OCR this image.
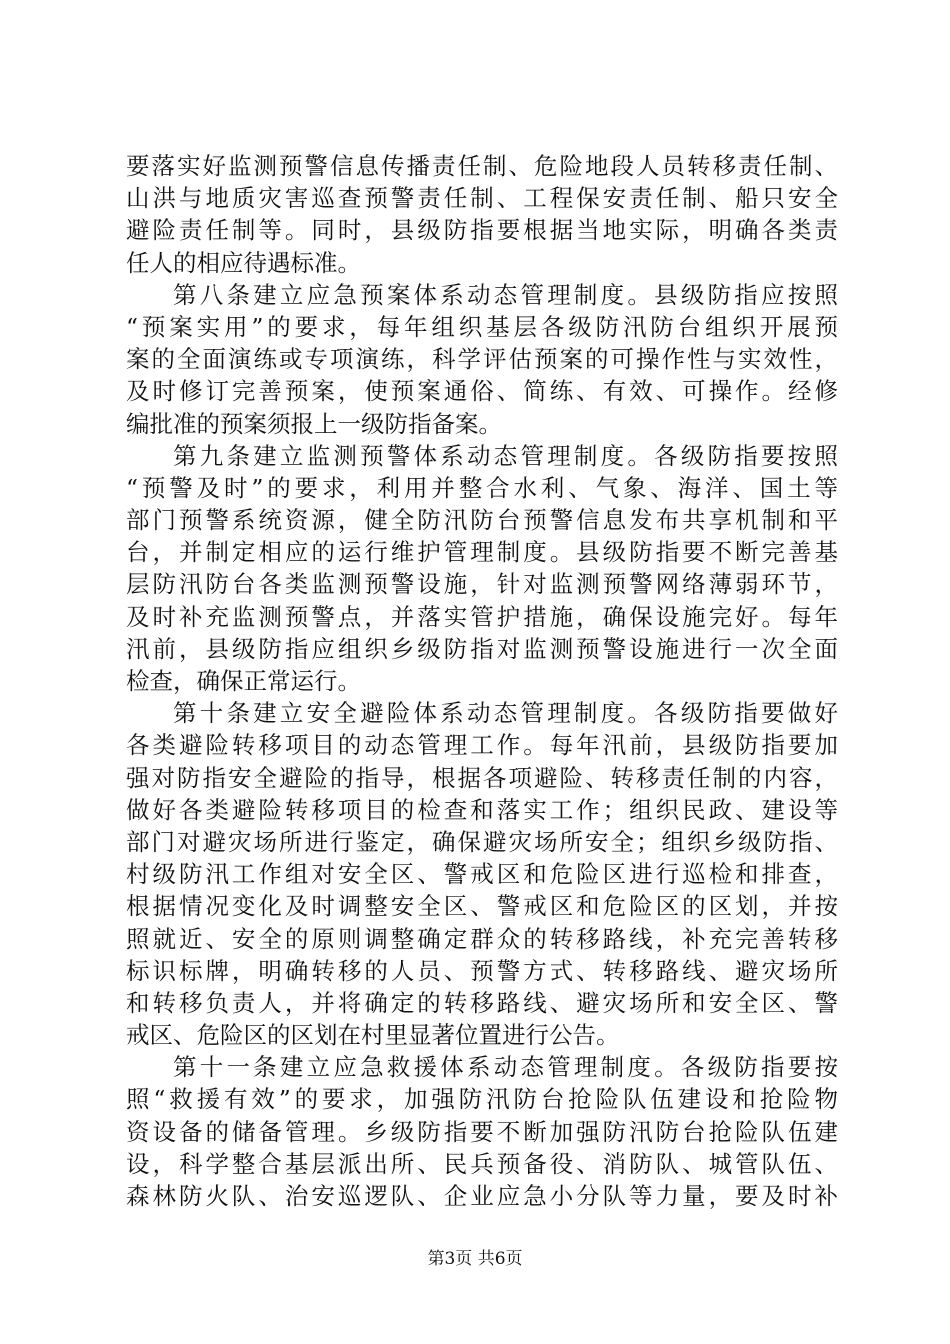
要落实好监测预警信息传播责任制、危险地段人员转移责任制、
山洪与地质灾害巡查预警责任制、工程保安责任制、船只安全
避险责任制等。同时，县级防指要根据当地实际，明确各类责
任人的相应待遇标准。
第八条建立应急预案体系动态管理制度。县级防指应按照
“预案实用”的要求，每年组织基层各级防汛防台组织开展预
案的全面演练或专项演练，科学评估预案的可操作性与实效性，
及时修订完善预案，使预案通俗、简练、有效、可操作。经修
编批准的预案须报上一级防指备案。
第九条建立监测预警体系动态管理制度。各级防指要按照
“预警及时”的要求，利用并整合水利、气象、海洋、国土等
部门预警系统资源，健全防汛防台预警信息发布共享机制和平
台，并制定相应的运行维护管理制度。县级防指要不断完善基
层防汛防台各类监测预警设施，针对监测预警网络薄弱环节，
及时补充监测预警点，并落实管护措施，确保设施完好。每年
汛前，县级防指应组织乡级防指对监测预警设施进行一次全面
检查，确保正常运行。
第十条建立安全避险体系动态管理制度。各级防指要做好
各类避险转移项目的动态管理工作。每年汛前，县级防指要加
强对防指安全避险的指导，根据各项避险、转移责任制的内容，
做好各类避险转移项目的检查和落实工作；组织民政、建设等
部门对避灾场所进行鉴定，确保避灾场所安全；组织乡级防指、
村级防汛工作组对安全区、警戒区和危险区进行巡检和排查，
根据情况变化及时调整安全区、警戒区和危险区的区划，并按
照就近、安全的原则调整确定群众的转移路线，补充完善转移
标识标牌，明确转移的人员、预警方式、转移路线、避灾场所
和转移负责人，并将确定的转移路线、避灾场所和安全区、警
戒区、危险区的区划在村里显著位置进行公告。
第十一条建立应急救援体系动态管理制度。各级防指要按
照“救援有效”的要求，加强防汛防台抢险队伍建设和抢险物
资设备的储备管理。乡级防指要不断加强防汛防台抢险队伍建
设，科学整合基层派出所、民兵预备役、消防队、城管队伍、
森林防火队、治安巡逻队、企业应急小分队等力量，要及时补
第3页 共6页
